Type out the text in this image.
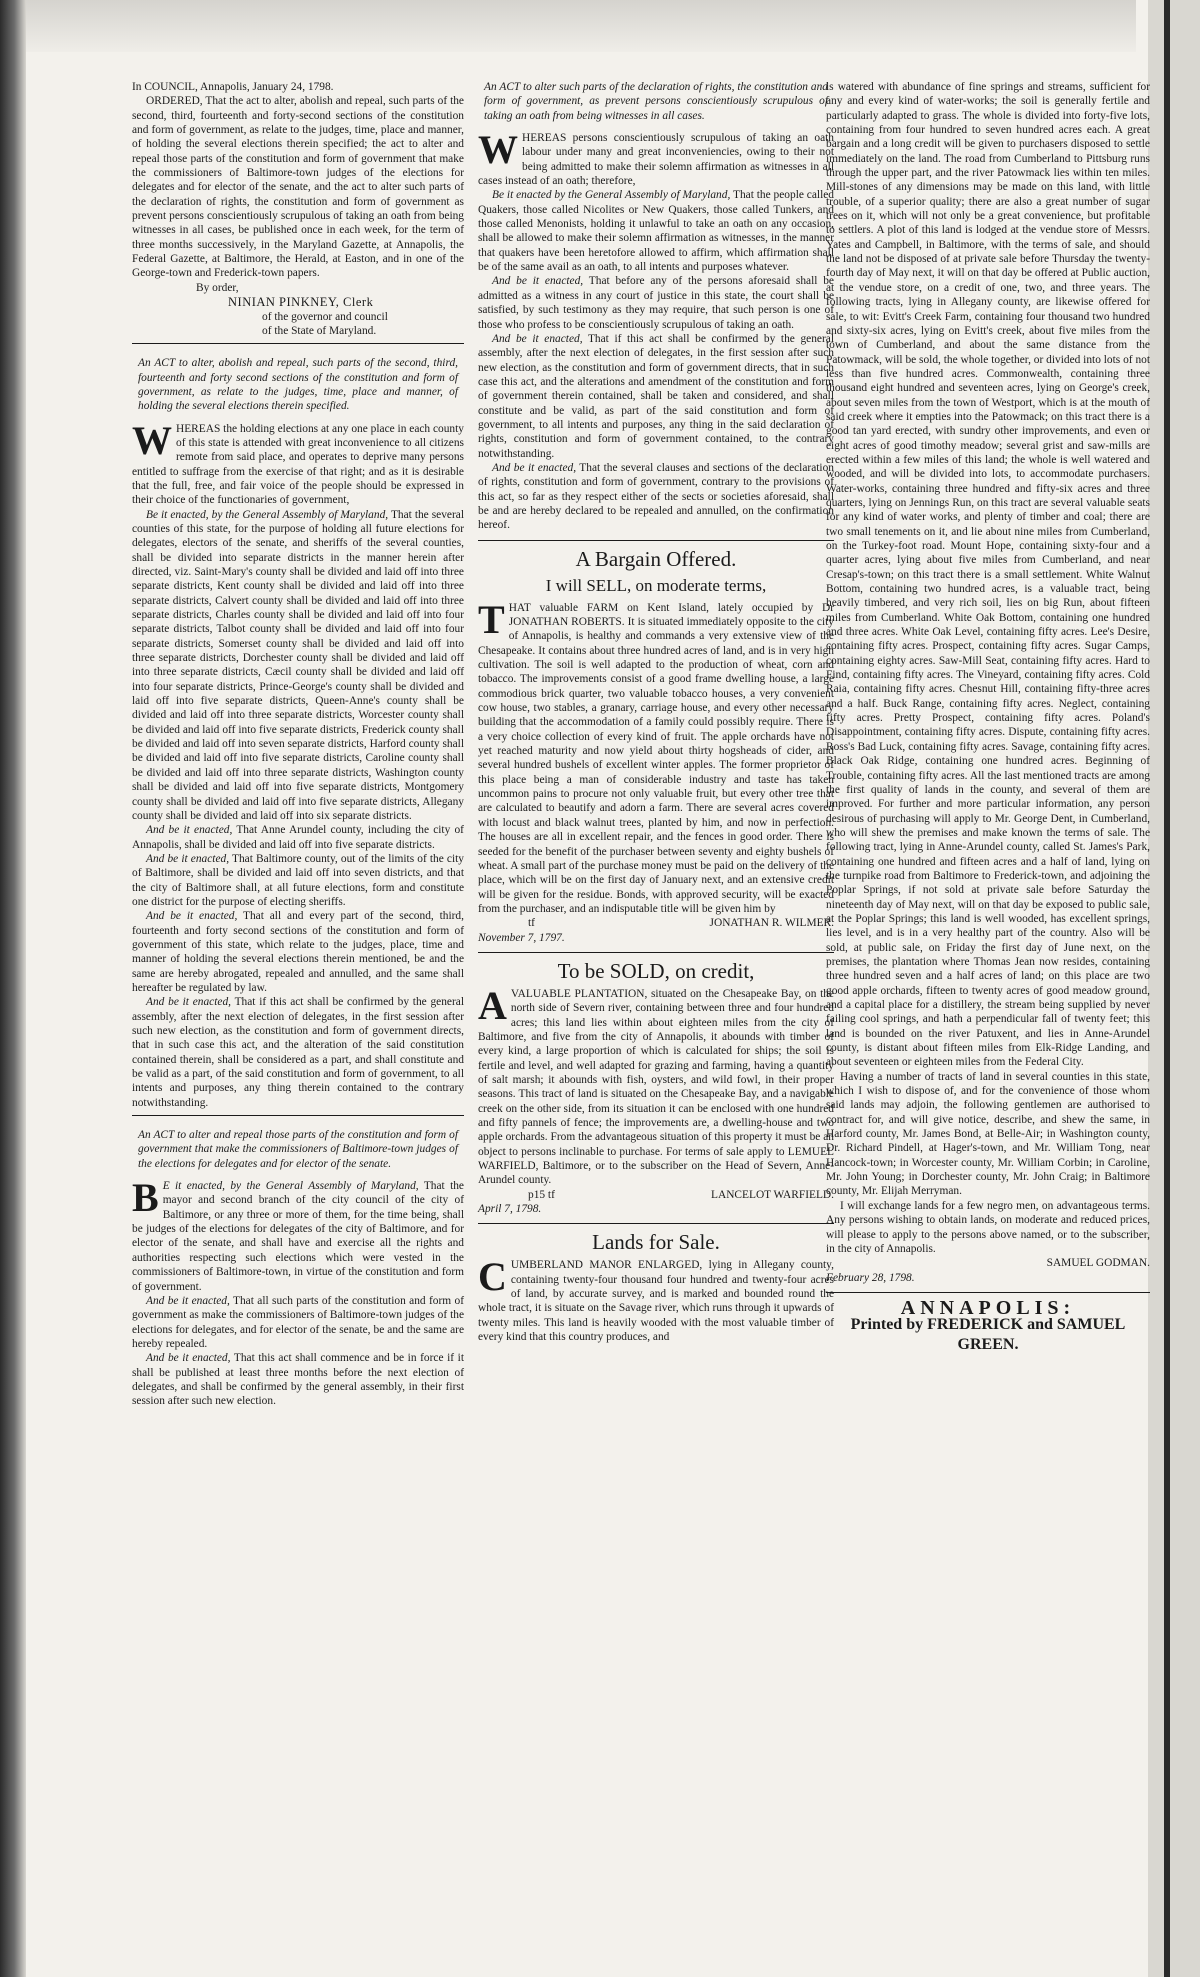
In COUNCIL, Annapolis, January 24, 1798.

ORDERED, That the act to alter, abolish and repeal, such parts of the second, third, fourteenth and forty-second sections of the constitution and form of government, as relate to the judges, time, place and manner, of holding the several elections therein specified; the act to alter and repeal those parts of the constitution and form of government that make the commissioners of Baltimore-town judges of the elections for delegates and for elector of the senate, and the act to alter such parts of the declaration of rights, the constitution and form of government as prevent persons conscientiously scrupulous of taking an oath from being witnesses in all cases, be published once in each week, for the term of three months successively, in the Maryland Gazette, at Annapolis, the Federal Gazette, at Baltimore, the Herald, at Easton, and in one of the George-town and Frederick-town papers.

By order,

NINIAN PINKNEY, Clerk

of the governor and council

of the State of Maryland.

An ACT to alter, abolish and repeal, such parts of the second, third, fourteenth and forty second sections of the constitution and form of government, as relate to the judges, time, place and manner, of holding the several elections therein specified.

WHEREAS the holding elections at any one place in each county of this state is attended with great inconvenience to all citizens remote from said place, and operates to deprive many persons entitled to suffrage from the exercise of that right; and as it is desirable that the full, free, and fair voice of the people should be expressed in their choice of the functionaries of government,

Be it enacted, by the General Assembly of Maryland, That the several counties of this state, for the purpose of holding all future elections for delegates, electors of the senate, and sheriffs of the several counties, shall be divided into separate districts in the manner herein after directed, viz. Saint-Mary's county shall be divided and laid off into three separate districts, Kent county shall be divided and laid off into three separate districts, Calvert county shall be divided and laid off into three separate districts, Charles county shall be divided and laid off into four separate districts, Talbot county shall be divided and laid off into four separate districts, Somerset county shall be divided and laid off into three separate districts, Dorchester county shall be divided and laid off into three separate districts, Cæcil county shall be divided and laid off into four separate districts, Prince-George's county shall be divided and laid off into five separate districts, Queen-Anne's county shall be divided and laid off into three separate districts, Worcester county shall be divided and laid off into five separate districts, Frederick county shall be divided and laid off into seven separate districts, Harford county shall be divided and laid off into five separate districts, Caroline county shall be divided and laid off into three separate districts, Washington county shall be divided and laid off into five separate districts, Montgomery county shall be divided and laid off into five separate districts, Allegany county shall be divided and laid off into six separate districts.

And be it enacted, That Anne Arundel county, including the city of Annapolis, shall be divided and laid off into five separate districts.

And be it enacted, That Baltimore county, out of the limits of the city of Baltimore, shall be divided and laid off into seven districts, and that the city of Baltimore shall, at all future elections, form and constitute one district for the purpose of electing sheriffs.

And be it enacted, That all and every part of the second, third, fourteenth and forty second sections of the constitution and form of government of this state, which relate to the judges, place, time and manner of holding the several elections therein mentioned, be and the same are hereby abrogated, repealed and annulled, and the same shall hereafter be regulated by law.

And be it enacted, That if this act shall be confirmed by the general assembly, after the next election of delegates, in the first session after such new election, as the constitution and form of government directs, that in such case this act, and the alteration of the said constitution contained therein, shall be considered as a part, and shall constitute and be valid as a part, of the said constitution and form of government, to all intents and purposes, any thing therein contained to the contrary notwithstanding.

An ACT to alter and repeal those parts of the constitution and form of government that make the commissioners of Baltimore-town judges of the elections for delegates and for elector of the senate.

B E it enacted, by the General Assembly of Maryland, That the mayor and second branch of the city council of the city of Baltimore, or any three or more of them, for the time being, shall be judges of the elections for delegates of the city of Baltimore, and for elector of the senate, and shall have and exercise all the rights and authorities respecting such elections which were vested in the commissioners of Baltimore-town, in virtue of the constitution and form of government.

And be it enacted, That all such parts of the constitution and form of government as make the commissioners of Baltimore-town judges of the elections for delegates, and for elector of the senate, be and the same are hereby repealed.

And be it enacted, That this act shall commence and be in force if it shall be published at least three months before the next election of delegates, and shall be confirmed by the general assembly, in their first session after such new election.

An ACT to alter such parts of the declaration of rights, the constitution and form of government, as prevent persons conscientiously scrupulous of taking an oath from being witnesses in all cases.

WHEREAS persons conscientiously scrupulous of taking an oath labour under many and great inconveniencies, owing to their not being admitted to make their solemn affirmation as witnesses in all cases instead of an oath; therefore,

Be it enacted by the General Assembly of Maryland, That the people called Quakers, those called Nicolites or New Quakers, those called Tunkers, and those called Menonists, holding it unlawful to take an oath on any occasion, shall be allowed to make their solemn affirmation as witnesses, in the manner that quakers have been heretofore allowed to affirm, which affirmation shall be of the same avail as an oath, to all intents and purposes whatever.

And be it enacted, That before any of the persons aforesaid shall be admitted as a witness in any court of justice in this state, the court shall be satisfied, by such testimony as they may require, that such person is one of those who profess to be conscientiously scrupulous of taking an oath.

And be it enacted, That if this act shall be confirmed by the general assembly, after the next election of delegates, in the first session after such new election, as the constitution and form of government directs, that in such case this act, and the alterations and amendment of the constitution and form of government therein contained, shall be taken and considered, and shall constitute and be valid, as part of the said constitution and form of government, to all intents and purposes, any thing in the said declaration of rights, constitution and form of government contained, to the contrary notwithstanding.

And be it enacted, That the several clauses and sections of the declaration of rights, constitution and form of government, contrary to the provisions of this act, so far as they respect either of the sects or societies aforesaid, shall be and are hereby declared to be repealed and annulled, on the confirmation hereof.

A Bargain Offered.
I will SELL, on moderate terms,

THAT valuable FARM on Kent Island, lately occupied by Dr JONATHAN ROBERTS. It is situated immediately opposite to the city of Annapolis, is healthy and commands a very extensive view of the Chesapeake. It contains about three hundred acres of land, and is in very high cultivation. The soil is well adapted to the production of wheat, corn and tobacco. The improvements consist of a good frame dwelling house, a large commodious brick quarter, two valuable tobacco houses, a very convenient cow house, two stables, a granary, carriage house, and every other necessary building that the accommodation of a family could possibly require. There is a very choice collection of every kind of fruit. The apple orchards have not yet reached maturity and now yield about thirty hogsheads of cider, and several hundred bushels of excellent winter apples. The former proprietor of this place being a man of considerable industry and taste has taken uncommon pains to procure not only valuable fruit, but every other tree that are calculated to beautify and adorn a farm. There are several acres covered with locust and black walnut trees, planted by him, and now in perfection. The houses are all in excellent repair, and the fences in good order. There is seeded for the benefit of the purchaser between seventy and eighty bushels of wheat. A small part of the purchase money must be paid on the delivery of the place, which will be on the first day of January next, and an extensive credit will be given for the residue. Bonds, with approved security, will be exacted from the purchaser, and an indisputable title will be given him by

tf	JONATHAN R. WILMER.

November 7, 1797.

To be SOLD, on credit,

AVALUABLE PLANTATION, situated on the Chesapeake Bay, on the north side of Severn river, containing between three and four hundred acres; this land lies within about eighteen miles from the city of Baltimore, and five from the city of Annapolis, it abounds with timber of every kind, a large proportion of which is calculated for ships; the soil is fertile and level, and well adapted for grazing and farming, having a quantity of salt marsh; it abounds with fish, oysters, and wild fowl, in their proper seasons. This tract of land is situated on the Chesapeake Bay, and a navigable creek on the other side, from its situation it can be enclosed with one hundred and fifty pannels of fence; the improvements are, a dwelling-house and two apple orchards. From the advantageous situation of this property it must be an object to persons inclinable to purchase. For terms of sale apply to LEMUEL WARFIELD, Baltimore, or to the subscriber on the Head of Severn, Anne-Arundel county.

p15 tf	LANCELOT WARFIELD.

April 7, 1798.

Lands for Sale.

CUMBERLAND MANOR ENLARGED, lying in Allegany county, containing twenty-four thousand four hundred and twenty-four acres of land, by accurate survey, and is marked and bounded round the whole tract, it is situate on the Savage river, which runs through it upwards of twenty miles. This land is heavily wooded with the most valuable timber of every kind that this country produces, and

is watered with abundance of fine springs and streams, sufficient for any and every kind of water-works; the soil is generally fertile and particularly adapted to grass. The whole is divided into forty-five lots, containing from four hundred to seven hundred acres each. A great bargain and a long credit will be given to purchasers disposed to settle immediately on the land. The road from Cumberland to Pittsburg runs through the upper part, and the river Patowmack lies within ten miles. Mill-stones of any dimensions may be made on this land, with little trouble, of a superior quality; there are also a great number of sugar trees on it, which will not only be a great convenience, but profitable to settlers. A plot of this land is lodged at the vendue store of Messrs. Yates and Campbell, in Baltimore, with the terms of sale, and should the land not be disposed of at private sale before Thursday the twenty-fourth day of May next, it will on that day be offered at Public auction, at the vendue store, on a credit of one, two, and three years. The following tracts, lying in Allegany county, are likewise offered for sale, to wit: Evitt's Creek Farm, containing four thousand two hundred and sixty-six acres, lying on Evitt's creek, about five miles from the town of Cumberland, and about the same distance from the Patowmack, will be sold, the whole together, or divided into lots of not less than five hundred acres. Commonwealth, containing three thousand eight hundred and seventeen acres, lying on George's creek, about seven miles from the town of Westport, which is at the mouth of said creek where it empties into the Patowmack; on this tract there is a good tan yard erected, with sundry other improvements, and even or eight acres of good timothy meadow; several grist and saw-mills are erected within a few miles of this land; the whole is well watered and wooded, and will be divided into lots, to accommodate purchasers. Water-works, containing three hundred and fifty-six acres and three quarters, lying on Jennings Run, on this tract are several valuable seats for any kind of water works, and plenty of timber and coal; there are two small tenements on it, and lie about nine miles from Cumberland, on the Turkey-foot road. Mount Hope, containing sixty-four and a quarter acres, lying about five miles from Cumberland, and near Cresap's-town; on this tract there is a small settlement. White Walnut Bottom, containing two hundred acres, is a valuable tract, being heavily timbered, and very rich soil, lies on big Run, about fifteen miles from Cumberland. White Oak Bottom, containing one hundred and three acres. White Oak Level, containing fifty acres. Lee's Desire, containing fifty acres. Prospect, containing fifty acres. Sugar Camps, containing eighty acres. Saw-Mill Seat, containing fifty acres. Hard to Find, containing fifty acres. The Vineyard, containing fifty acres. Cold Raia, containing fifty acres. Chesnut Hill, containing fifty-three acres and a half. Buck Range, containing fifty acres. Neglect, containing fifty acres. Pretty Prospect, containing fifty acres. Poland's Disappointment, containing fifty acres. Dispute, containing fifty acres. Ross's Bad Luck, containing fifty acres. Savage, containing fifty acres. Black Oak Ridge, containing one hundred acres. Beginning of Trouble, containing fifty acres. All the last mentioned tracts are among the first quality of lands in the county, and several of them are improved. For further and more particular information, any person desirous of purchasing will apply to Mr. George Dent, in Cumberland, who will shew the premises and make known the terms of sale. The following tract, lying in Anne-Arundel county, called St. James's Park, containing one hundred and fifteen acres and a half of land, lying on the turnpike road from Baltimore to Frederick-town, and adjoining the Poplar Springs, if not sold at private sale before Saturday the nineteenth day of May next, will on that day be exposed to public sale, at the Poplar Springs; this land is well wooded, has excellent springs, lies level, and is in a very healthy part of the country. Also will be sold, at public sale, on Friday the first day of June next, on the premises, the plantation where Thomas Jean now resides, containing three hundred seven and a half acres of land; on this place are two good apple orchards, fifteen to twenty acres of good meadow ground, and a capital place for a distillery, the stream being supplied by never failing cool springs, and hath a perpendicular fall of twenty feet; this land is bounded on the river Patuxent, and lies in Anne-Arundel county, is distant about fifteen miles from Elk-Ridge Landing, and about seventeen or eighteen miles from the Federal City.

Having a number of tracts of land in several counties in this state, which I wish to dispose of, and for the convenience of those whom said lands may adjoin, the following gentlemen are authorised to contract for, and will give notice, describe, and shew the same, in Harford county, Mr. James Bond, at Belle-Air; in Washington county, Dr. Richard Pindell, at Hager's-town, and Mr. William Tong, near Hancock-town; in Worcester county, Mr. William Corbin; in Caroline, Mr. John Young; in Dorchester county, Mr. John Craig; in Baltimore county, Mr. Elijah Merryman.

I will exchange lands for a few negro men, on advantageous terms. Any persons wishing to obtain lands, on moderate and reduced prices, will please to apply to the persons above named, or to the subscriber, in the city of Annapolis.

SAMUEL GODMAN.

February 28, 1798.

ANNAPOLIS:
Printed by FREDERICK and SAMUEL GREEN.
